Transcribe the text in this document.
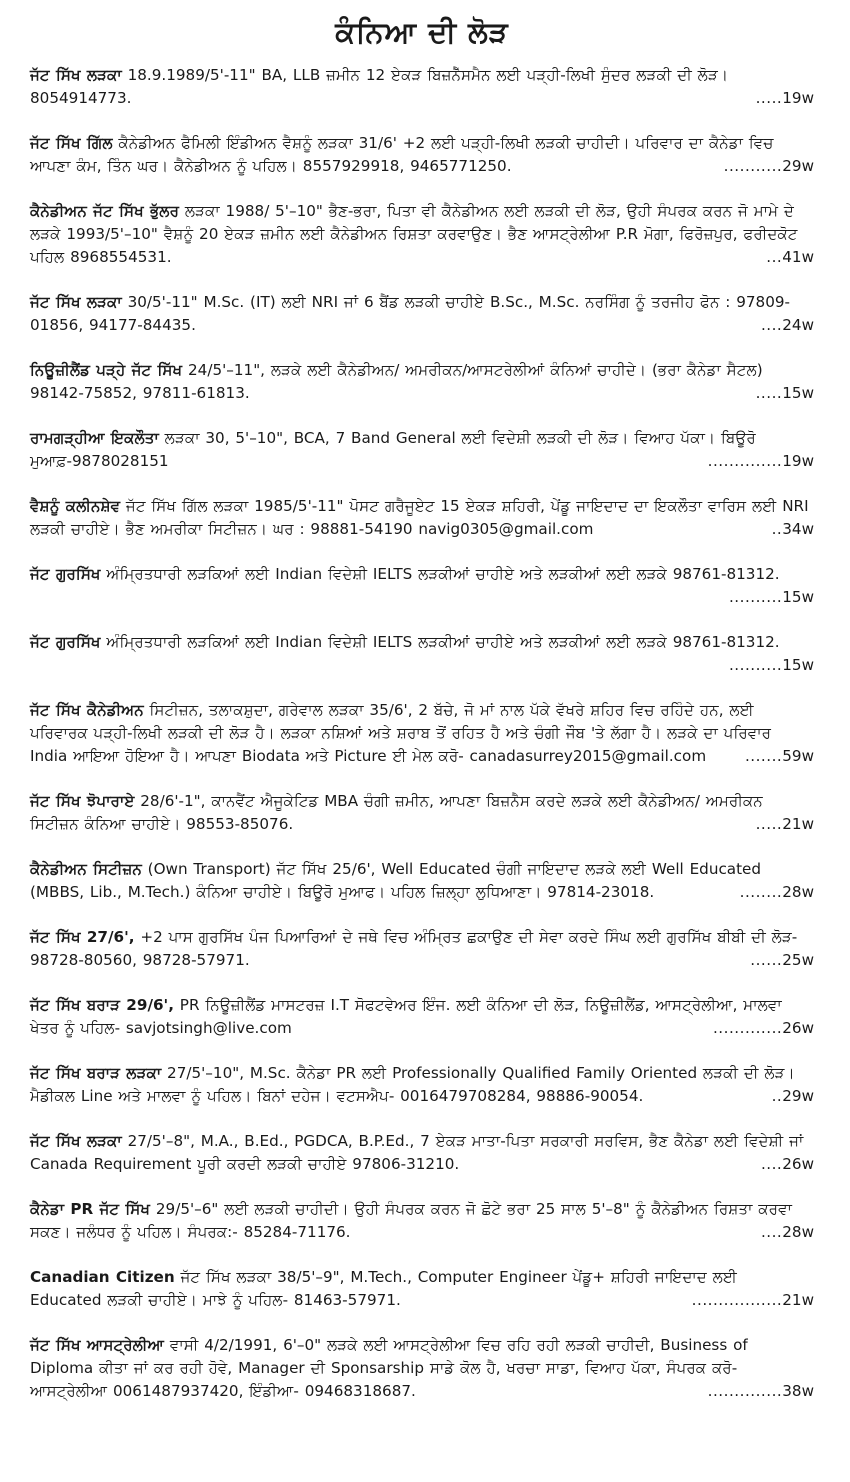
ਕੰਨਿਆ ਦੀ ਲੋੜ
ਜੱਟ ਸਿੱਖ ਲੜਕਾ 18.9.1989/5'-11" BA, LLB ਜ਼ਮੀਨ 12 ਏਕੜ ਬਿਜ਼ਨੈੱਸਮੈਨ ਲਈ ਪੜ੍ਹੀ-ਲਿਖੀ ਸੁੰਦਰ ਲੜਕੀ ਦੀ ਲੋੜ। 8054914773.	.....19w
ਜੱਟ ਸਿੱਖ ਗਿੱਲ ਕੈਨੇਡੀਅਨ ਫੈਮਿਲੀ ਇੰਡੀਅਨ ਵੈਸ਼ਨੂੰ ਲੜਕਾ 31/6' +2 ਲਈ ਪੜ੍ਹੀ-ਲਿਖੀ ਲੜਕੀ ਚਾਹੀਦੀ। ਪਰਿਵਾਰ ਦਾ ਕੈਨੇਡਾ ਵਿਚ ਆਪਣਾ ਕੰਮ, ਤਿੰਨ ਘਰ। ਕੈਨੇਡੀਅਨ ਨੂੰ ਪਹਿਲ। 8557929918, 9465771250.	...........29w
ਕੈਨੇਡੀਅਨ ਜੱਟ ਸਿੱਖ ਭੁੱਲਰ ਲੜਕਾ 1988/ 5'–10" ਭੈਣ-ਭਰਾ, ਪਿਤਾ ਵੀ ਕੈਨੇਡੀਅਨ ਲਈ ਲੜਕੀ ਦੀ ਲੋੜ, ਉਹੀ ਸੰਪਰਕ ਕਰਨ ਜੋ ਮਾਮੇ ਦੇ ਲੜਕੇ 1993/5'–10" ਵੈਸ਼ਨੂੰ 20 ਏਕੜ ਜ਼ਮੀਨ ਲਈ ਕੈਨੇਡੀਅਨ ਰਿਸ਼ਤਾ ਕਰਵਾਉਣ। ਭੈਣ ਆਸਟ੍ਰੇਲੀਆ P.R ਮੋਗਾ, ਫਿਰੋਜ਼ਪੁਰ, ਫਰੀਦਕੋਟ ਪਹਿਲ 8968554531.	...41w
ਜੱਟ ਸਿੱਖ ਲੜਕਾ 30/5'-11" M.Sc. (IT) ਲਈ NRI ਜਾਂ 6 ਬੈਂਡ ਲੜਕੀ ਚਾਹੀਏ B.Sc., M.Sc. ਨਰਸਿੰਗ ਨੂੰ ਤਰਜੀਹ ਫੋਨ : 97809-01856, 94177-84435.	....24w
ਨਿਊਜ਼ੀਲੈਂਡ ਪੜ੍ਹੇ ਜੱਟ ਸਿੱਖ 24/5'–11", ਲੜਕੇ ਲਈ ਕੈਨੇਡੀਅਨ/ ਅਮਰੀਕਨ/ਆਸਟਰੇਲੀਆਂ ਕੰਨਿਆਂ ਚਾਹੀਦੇ। (ਭਰਾ ਕੈਨੇਡਾ ਸੈਟਲ) 98142-75852, 97811-61813.	.....15w
ਰਾਮਗੜ੍ਹੀਆ ਇਕਲੌਤਾ ਲੜਕਾ 30, 5'–10", BCA, 7 Band General ਲਈ ਵਿਦੇਸ਼ੀ ਲੜਕੀ ਦੀ ਲੋੜ। ਵਿਆਹ ਪੱਕਾ। ਬਿਊਰੋ ਮੁਆਫ਼-9878028151	..............19w
ਵੈਸ਼ਨੂੰ ਕਲੀਨਸ਼ੇਵ ਜੱਟ ਸਿੱਖ ਗਿੱਲ ਲੜਕਾ 1985/5'-11" ਪੋਸਟ ਗਰੈਜੂਏਟ 15 ਏਕੜ ਸ਼ਹਿਰੀ, ਪੇਂਡੂ ਜਾਇਦਾਦ ਦਾ ਇਕਲੌਤਾ ਵਾਰਿਸ ਲਈ NRI ਲੜਕੀ ਚਾਹੀਏ। ਭੈਣ ਅਮਰੀਕਾ ਸਿਟੀਜ਼ਨ। ਘਰ : 98881-54190 navig0305@gmail.com	..34w
ਜੱਟ ਗੁਰਸਿੱਖ ਅੰਮ੍ਰਿਤਧਾਰੀ ਲੜਕਿਆਂ ਲਈ Indian ਵਿਦੇਸ਼ੀ IELTS ਲੜਕੀਆਂ ਚਾਹੀਏ ਅਤੇ ਲੜਕੀਆਂ ਲਈ ਲੜਕੇ 98761-81312.
..........15w
ਜੱਟ ਗੁਰਸਿੱਖ ਅੰਮ੍ਰਿਤਧਾਰੀ ਲੜਕਿਆਂ ਲਈ Indian ਵਿਦੇਸ਼ੀ IELTS ਲੜਕੀਆਂ ਚਾਹੀਏ ਅਤੇ ਲੜਕੀਆਂ ਲਈ ਲੜਕੇ 98761-81312.
..........15w
ਜੱਟ ਸਿੱਖ ਕੈਨੇਡੀਅਨ ਸਿਟੀਜ਼ਨ, ਤਲਾਕਸ਼ੁਦਾ, ਗਰੇਵਾਲ ਲੜਕਾ 35/6', 2 ਬੱਚੇ, ਜੋ ਮਾਂ ਨਾਲ ਪੱਕੇ ਵੱਖਰੇ ਸ਼ਹਿਰ ਵਿਚ ਰਹਿੰਦੇ ਹਨ, ਲਈ ਪਰਿਵਾਰਕ ਪੜ੍ਹੀ-ਲਿਖੀ ਲੜਕੀ ਦੀ ਲੋੜ ਹੈ। ਲੜਕਾ ਨਸ਼ਿਆਂ ਅਤੇ ਸ਼ਰਾਬ ਤੋਂ ਰਹਿਤ ਹੈ ਅਤੇ ਚੰਗੀ ਜੌਬ 'ਤੇ ਲੱਗਾ ਹੈ। ਲੜਕੇ ਦਾ ਪਰਿਵਾਰ India ਆਇਆ ਹੋਇਆ ਹੈ। ਆਪਣਾ Biodata ਅਤੇ Picture ਈ ਮੇਲ ਕਰੋ- canadasurrey2015@gmail.com	.......59w
ਜੱਟ ਸਿੱਖ ਝੋਪਾਰਾਏ 28/6'-1", ਕਾਨਵੈਂਟ ਐਜੂਕੇਟਿਡ MBA ਚੰਗੀ ਜ਼ਮੀਨ, ਆਪਣਾ ਬਿਜ਼ਨੈਸ ਕਰਦੇ ਲੜਕੇ ਲਈ ਕੈਨੇਡੀਅਨ/ ਅਮਰੀਕਨ ਸਿਟੀਜ਼ਨ ਕੰਨਿਆ ਚਾਹੀਏ। 98553-85076.	.....21w
ਕੈਨੇਡੀਅਨ ਸਿਟੀਜ਼ਨ (Own Transport) ਜੱਟ ਸਿੱਖ 25/6', Well Educated ਚੰਗੀ ਜਾਇਦਾਦ ਲੜਕੇ ਲਈ Well Educated (MBBS, Lib., M.Tech.) ਕੰਨਿਆ ਚਾਹੀਏ। ਬਿਊਰੋ ਮੁਆਫ। ਪਹਿਲ ਜ਼ਿਲ੍ਹਾ ਲੁਧਿਆਣਾ। 97814-23018.	........28w
ਜੱਟ ਸਿੱਖ 27/6', +2 ਪਾਸ ਗੁਰਸਿੱਖ ਪੰਜ ਪਿਆਰਿਆਂ ਦੇ ਜਥੇ ਵਿਚ ਅੰਮ੍ਰਿਤ ਛਕਾਉਣ ਦੀ ਸੇਵਾ ਕਰਦੇ ਸਿੰਘ ਲਈ ਗੁਰਸਿੱਖ ਬੀਬੀ ਦੀ ਲੋੜ- 98728-80560, 98728-57971.	......25w
ਜੱਟ ਸਿੱਖ ਬਰਾੜ 29/6', PR ਨਿਊਜ਼ੀਲੈਂਡ ਮਾਸਟਰਜ਼ I.T ਸੋਫਟਵੇਅਰ ਇੰਜ. ਲਈ ਕੰਨਿਆ ਦੀ ਲੋੜ, ਨਿਊਜ਼ੀਲੈਂਡ, ਆਸਟ੍ਰੇਲੀਆ, ਮਾਲਵਾ ਖੇਤਰ ਨੂੰ ਪਹਿਲ- savjotsingh@live.com	.............26w
ਜੱਟ ਸਿੱਖ ਬਰਾੜ ਲੜਕਾ 27/5'–10", M.Sc. ਕੈਨੇਡਾ PR ਲਈ Professionally Qualified Family Oriented ਲੜਕੀ ਦੀ ਲੋੜ। ਮੈਡੀਕਲ Line ਅਤੇ ਮਾਲਵਾ ਨੂੰ ਪਹਿਲ। ਬਿਨਾਂ ਦਹੇਜ। ਵਟਸਐਪ- 0016479708284, 98886-90054.	..29w
ਜੱਟ ਸਿੱਖ ਲੜਕਾ 27/5'–8", M.A., B.Ed., PGDCA, B.P.Ed., 7 ਏਕੜ ਮਾਤਾ-ਪਿਤਾ ਸਰਕਾਰੀ ਸਰਵਿਸ, ਭੈਣ ਕੈਨੇਡਾ ਲਈ ਵਿਦੇਸ਼ੀ ਜਾਂ Canada Requirement ਪੂਰੀ ਕਰਦੀ ਲੜਕੀ ਚਾਹੀਏ 97806-31210.	....26w
ਕੈਨੇਡਾ PR ਜੱਟ ਸਿੱਖ 29/5'–6" ਲਈ ਲੜਕੀ ਚਾਹੀਦੀ। ਉਹੀ ਸੰਪਰਕ ਕਰਨ ਜੋ ਛੋਟੇ ਭਰਾ 25 ਸਾਲ 5'–8" ਨੂੰ ਕੈਨੇਡੀਅਨ ਰਿਸ਼ਤਾ ਕਰਵਾ ਸਕਣ। ਜਲੰਧਰ ਨੂੰ ਪਹਿਲ। ਸੰਪਰਕ:- 85284-71176.	....28w
Canadian Citizen ਜੱਟ ਸਿੱਖ ਲੜਕਾ 38/5'–9", M.Tech., Computer Engineer ਪੇਂਡੂ+ ਸ਼ਹਿਰੀ ਜਾਇਦਾਦ ਲਈ Educated ਲੜਕੀ ਚਾਹੀਏ। ਮਾਝੇ ਨੂੰ ਪਹਿਲ- 81463-57971.	.................21w
ਜੱਟ ਸਿੱਖ ਆਸਟ੍ਰੇਲੀਆ ਵਾਸੀ 4/2/1991, 6'–0" ਲੜਕੇ ਲਈ ਆਸਟ੍ਰੇਲੀਆ ਵਿਚ ਰਹਿ ਰਹੀ ਲੜਕੀ ਚਾਹੀਦੀ, Business of Diploma ਕੀਤਾ ਜਾਂ ਕਰ ਰਹੀ ਹੋਵੇ, Manager ਦੀ Sponsarship ਸਾਡੇ ਕੋਲ ਹੈ, ਖਰਚਾ ਸਾਡਾ, ਵਿਆਹ ਪੱਕਾ, ਸੰਪਰਕ ਕਰੋ- ਆਸਟ੍ਰੇਲੀਆ 0061487937420, ਇੰਡੀਆ- 09468318687.	..............38w
